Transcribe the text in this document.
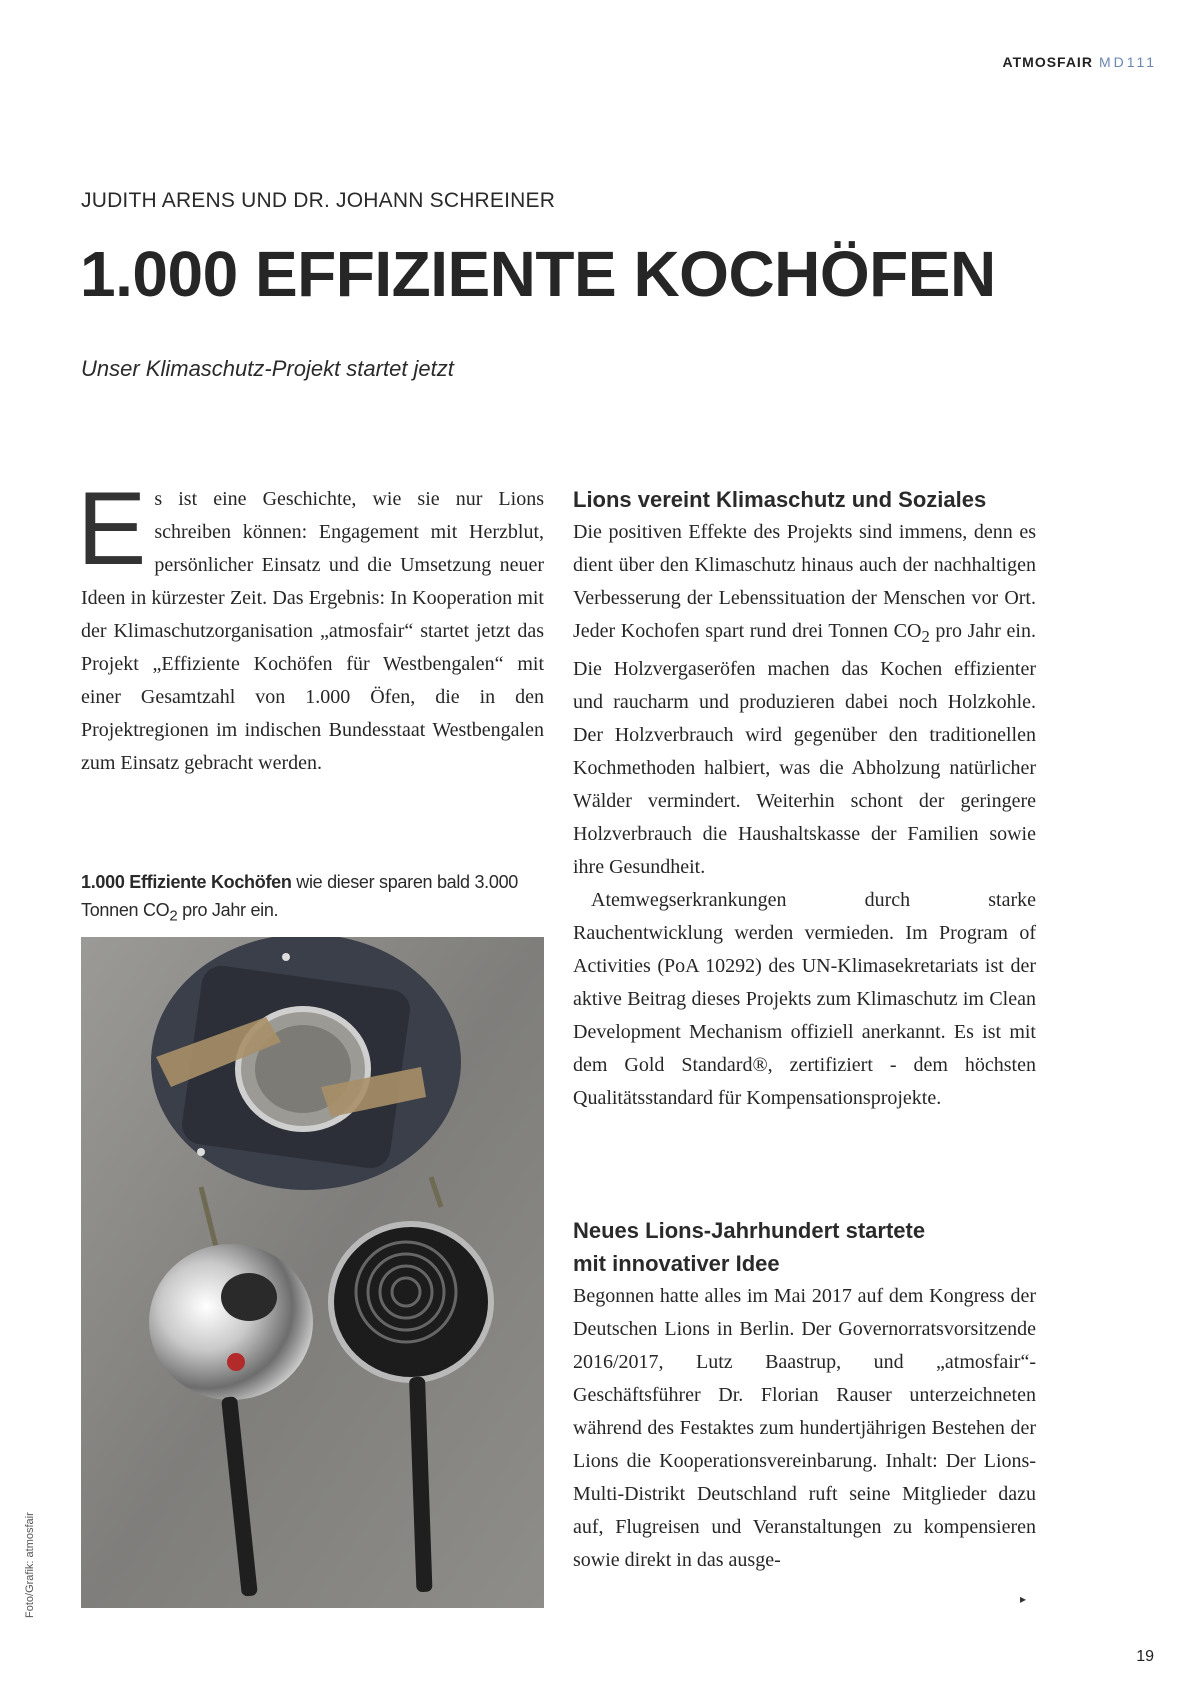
ATMOSFAIR MD111
JUDITH ARENS UND DR. JOHANN SCHREINER
1.000 EFFIZIENTE KOCHÖFEN
Unser Klimaschutz-Projekt startet jetzt

Es ist eine Geschichte, wie sie nur Lions schreiben können: Engagement mit Herzblut, persönlicher Einsatz und die Umsetzung neuer Ideen in kürzester Zeit. Das Ergebnis: In Kooperation mit der Klimaschutzorganisation „atmosfair“ startet jetzt das Projekt „Effiziente Kochöfen für Westbengalen“ mit einer Gesamtzahl von 1.000 Öfen, die in den Projektregionen im indischen Bundesstaat Westbengalen zum Einsatz gebracht werden.

1.000 Effiziente Kochöfen wie dieser sparen bald 3.000 Tonnen $CO_2$ pro Jahr ein.
Lions vereint Klimaschutz und Soziales

Die positiven Effekte des Projekts sind immens, denn es dient über den Klimaschutz hinaus auch der nachhaltigen Verbesserung der Lebenssituation der Menschen vor Ort. Jeder Kochofen spart rund drei Tonnen $CO_2$ pro Jahr ein. Die Holzvergaseröfen machen das Kochen effizienter und raucharm und produzieren dabei noch Holzkohle. Der Holzverbrauch wird gegenüber den traditionellen Kochmethoden halbiert, was die Abholzung natürlicher Wälder vermindert. Weiterhin schont der geringere Holzverbrauch die Haushaltskasse der Familien sowie ihre Gesundheit.

Atemwegserkrankungen durch starke Rauchentwicklung werden vermieden. Im Program of Activities (PoA 10292) des UN-Klimasekretariats ist der aktive Beitrag dieses Projekts zum Klimaschutz im Clean Development Mechanism offiziell anerkannt. Es ist mit dem Gold Standard®, zertifiziert - dem höchsten Qualitätsstandard für Kompensationsprojekte.

Neues Lions-Jahrhundert startete
mit innovativer Idee

Begonnen hatte alles im Mai 2017 auf dem Kongress der Deutschen Lions in Berlin. Der Governorratsvorsitzende 2016/2017, Lutz Baastrup, und „atmosfair“-Geschäftsführer Dr. Florian Rauser unterzeichneten während des Festaktes zum hundertjährigen Bestehen der Lions die Kooperationsvereinbarung. Inhalt: Der Lions-Multi-Distrikt Deutschland ruft seine Mitglieder dazu auf, Flugreisen und Veranstaltungen zu kompensieren sowie direkt in das ausge-

▸
Foto/Grafik: atmosfair
19
